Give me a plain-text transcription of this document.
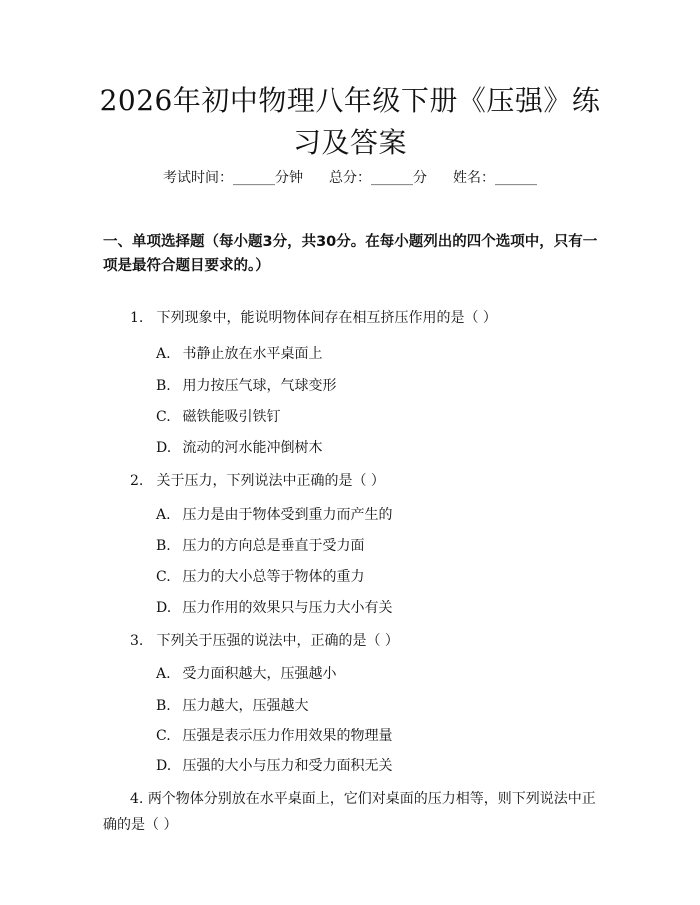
2026年初中物理八年级下册《压强》练习及答案
考试时间：______分钟 总分：______分 姓名：______
一、单项选择题（每小题3分，共30分。在每小题列出的四个选项中，只有一项是最符合题目要求的。）
1. 下列现象中，能说明物体间存在相互挤压作用的是（ ）
A. 书静止放在水平桌面上
B. 用力按压气球，气球变形
C. 磁铁能吸引铁钉
D. 流动的河水能冲倒树木
2. 关于压力，下列说法中正确的是（ ）
A. 压力是由于物体受到重力而产生的
B. 压力的方向总是垂直于受力面
C. 压力的大小总等于物体的重力
D. 压力作用的效果只与压力大小有关
3. 下列关于压强的说法中，正确的是（ ）
A. 受力面积越大，压强越小
B. 压力越大，压强越大
C. 压强是表示压力作用效果的物理量
D. 压强的大小与压力和受力面积无关
4. 两个物体分别放在水平桌面上，它们对桌面的压力相等，则下列说法中正确的是（ ）
